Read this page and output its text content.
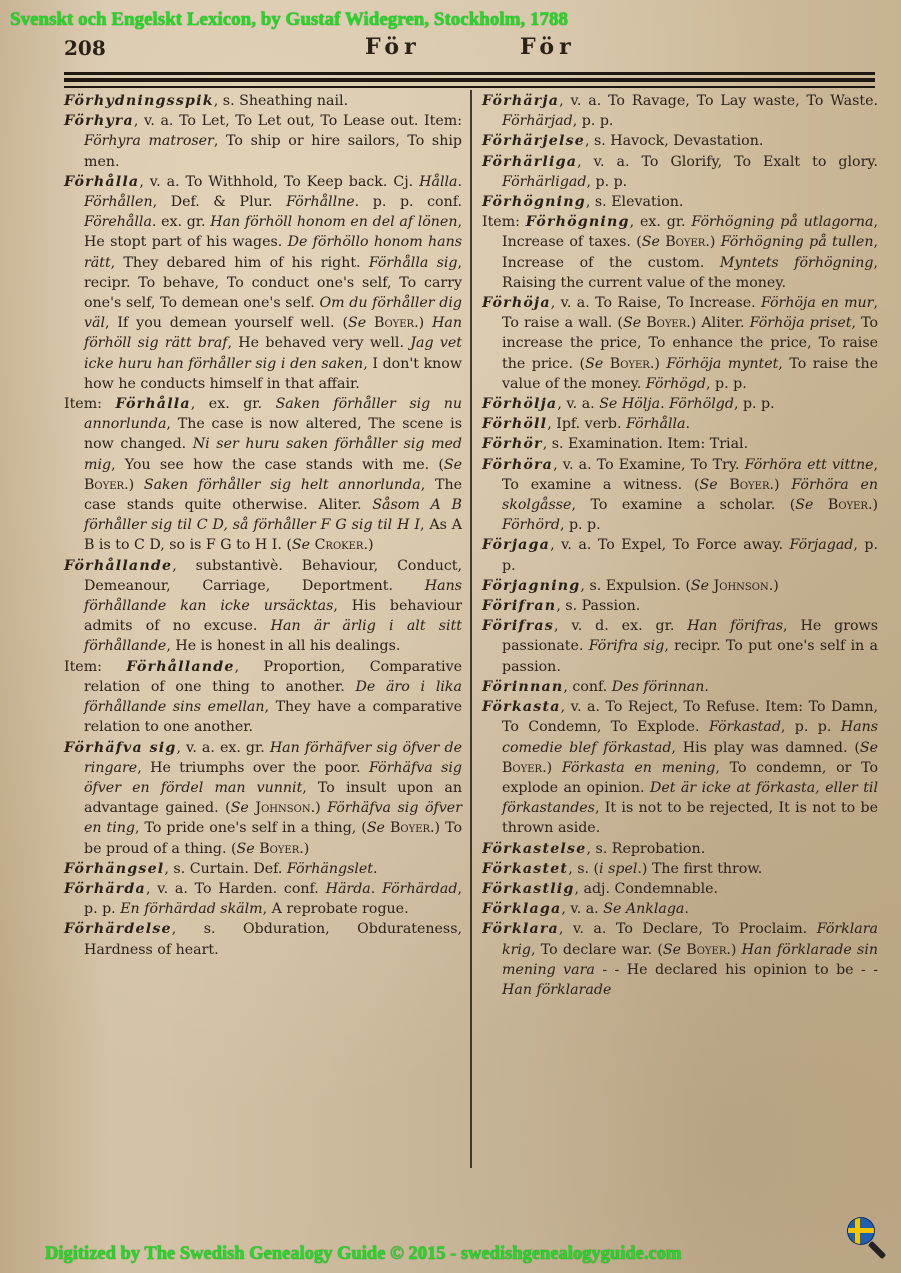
Svenskt och Engelskt Lexicon, by Gustaf Widegren, Stockholm, 1788
208	För	För

Förhydningsspik, s. Sheathing nail.

Förhyra, v. a. To Let, To Let out, To Lease out. Item: Förhyra matroser, To ship or hire sailors, To ship men.

Förhålla, v. a. To Withhold, To Keep back. Cj. Hålla. Förhållen, Def. & Plur. Förhållne. p. p. conf. Förehålla. ex. gr. Han förhöll honom en del af lönen, He stopt part of his wages. De förhöllo honom hans rätt, They debared him of his right. Förhålla sig, recipr. To behave, To conduct one's self, To carry one's self, To demean one's self. Om du förhåller dig väl, If you demean yourself well. (Se Boyer.) Han förhöll sig rätt braf, He behaved very well. Jag vet icke huru han förhåller sig i den saken, I don't know how he conducts himself in that affair.

Item: Förhålla, ex. gr. Saken förhåller sig nu annorlunda, The case is now altered, The scene is now changed. Ni ser huru saken förhåller sig med mig, You see how the case stands with me. (Se Boyer.) Saken förhåller sig helt annorlunda, The case stands quite otherwise. Aliter. Såsom A B förhåller sig til C D, så förhåller F G sig til H I, As A B is to C D, so is F G to H I. (Se Croker.)

Förhållande, substantivè. Behaviour, Conduct, Demeanour, Carriage, Deportment. Hans förhållande kan icke ursäcktas, His behaviour admits of no excuse. Han är ärlig i alt sitt förhållande, He is honest in all his dealings.

Item: Förhållande, Proportion, Comparative relation of one thing to another. De äro i lika förhållande sins emellan, They have a comparative relation to one another.

Förhäfva sig, v. a. ex. gr. Han förhäfver sig öfver de ringare, He triumphs over the poor. Förhäfva sig öfver en fördel man vunnit, To insult upon an advantage gained. (Se Johnson.) Förhäfva sig öfver en ting, To pride one's self in a thing, (Se Boyer.) To be proud of a thing. (Se Boyer.)

Förhängsel, s. Curtain. Def. Förhängslet.

Förhärda, v. a. To Harden. conf. Härda. Förhärdad, p. p. En förhärdad skälm, A reprobate rogue.

Förhärdelse, s. Obduration, Obdurateness, Hardness of heart.

Förhärja, v. a. To Ravage, To Lay waste, To Waste. Förhärjad, p. p.

Förhärjelse, s. Havock, Devastation.

Förhärliga, v. a. To Glorify, To Exalt to glory. Förhärligad, p. p.

Förhögning, s. Elevation.

Item: Förhögning, ex. gr. Förhögning på utlagorna, Increase of taxes. (Se Boyer.) Förhögning på tullen, Increase of the custom. Myntets förhögning, Raising the current value of the money.

Förhöja, v. a. To Raise, To Increase. Förhöja en mur, To raise a wall. (Se Boyer.) Aliter. Förhöja priset, To increase the price, To enhance the price, To raise the price. (Se Boyer.) Förhöja myntet, To raise the value of the money. Förhögd, p. p.

Förhölja, v. a. Se Hölja. Förhölgd, p. p.

Förhöll, Ipf. verb. Förhålla.

Förhör, s. Examination. Item: Trial.

Förhöra, v. a. To Examine, To Try. Förhöra ett vittne, To examine a witness. (Se Boyer.) Förhöra en skolgåsse, To examine a scholar. (Se Boyer.) Förhörd, p. p.

Förjaga, v. a. To Expel, To Force away. Förjagad, p. p.

Förjagning, s. Expulsion. (Se Johnson.)

Förifran, s. Passion.

Förifras, v. d. ex. gr. Han förifras, He grows passionate. Förifra sig, recipr. To put one's self in a passion.

Förinnan, conf. Des förinnan.

Förkasta, v. a. To Reject, To Refuse. Item: To Damn, To Condemn, To Explode. Förkastad, p. p. Hans comedie blef förkastad, His play was damned. (Se Boyer.) Förkasta en mening, To condemn, or To explode an opinion. Det är icke at förkasta, eller til förkastandes, It is not to be rejected, It is not to be thrown aside.

Förkastelse, s. Reprobation.

Förkastet, s. (i spel.) The first throw.

Förkastlig, adj. Condemnable.

Förklaga, v. a. Se Anklaga.

Förklara, v. a. To Declare, To Proclaim. Förklara krig, To declare war. (Se Boyer.) Han förklarade sin mening vara - - He declared his opinion to be - - Han förklarade

Digitized by The Swedish Genealogy Guide © 2015 - swedishgenealogyguide.com
